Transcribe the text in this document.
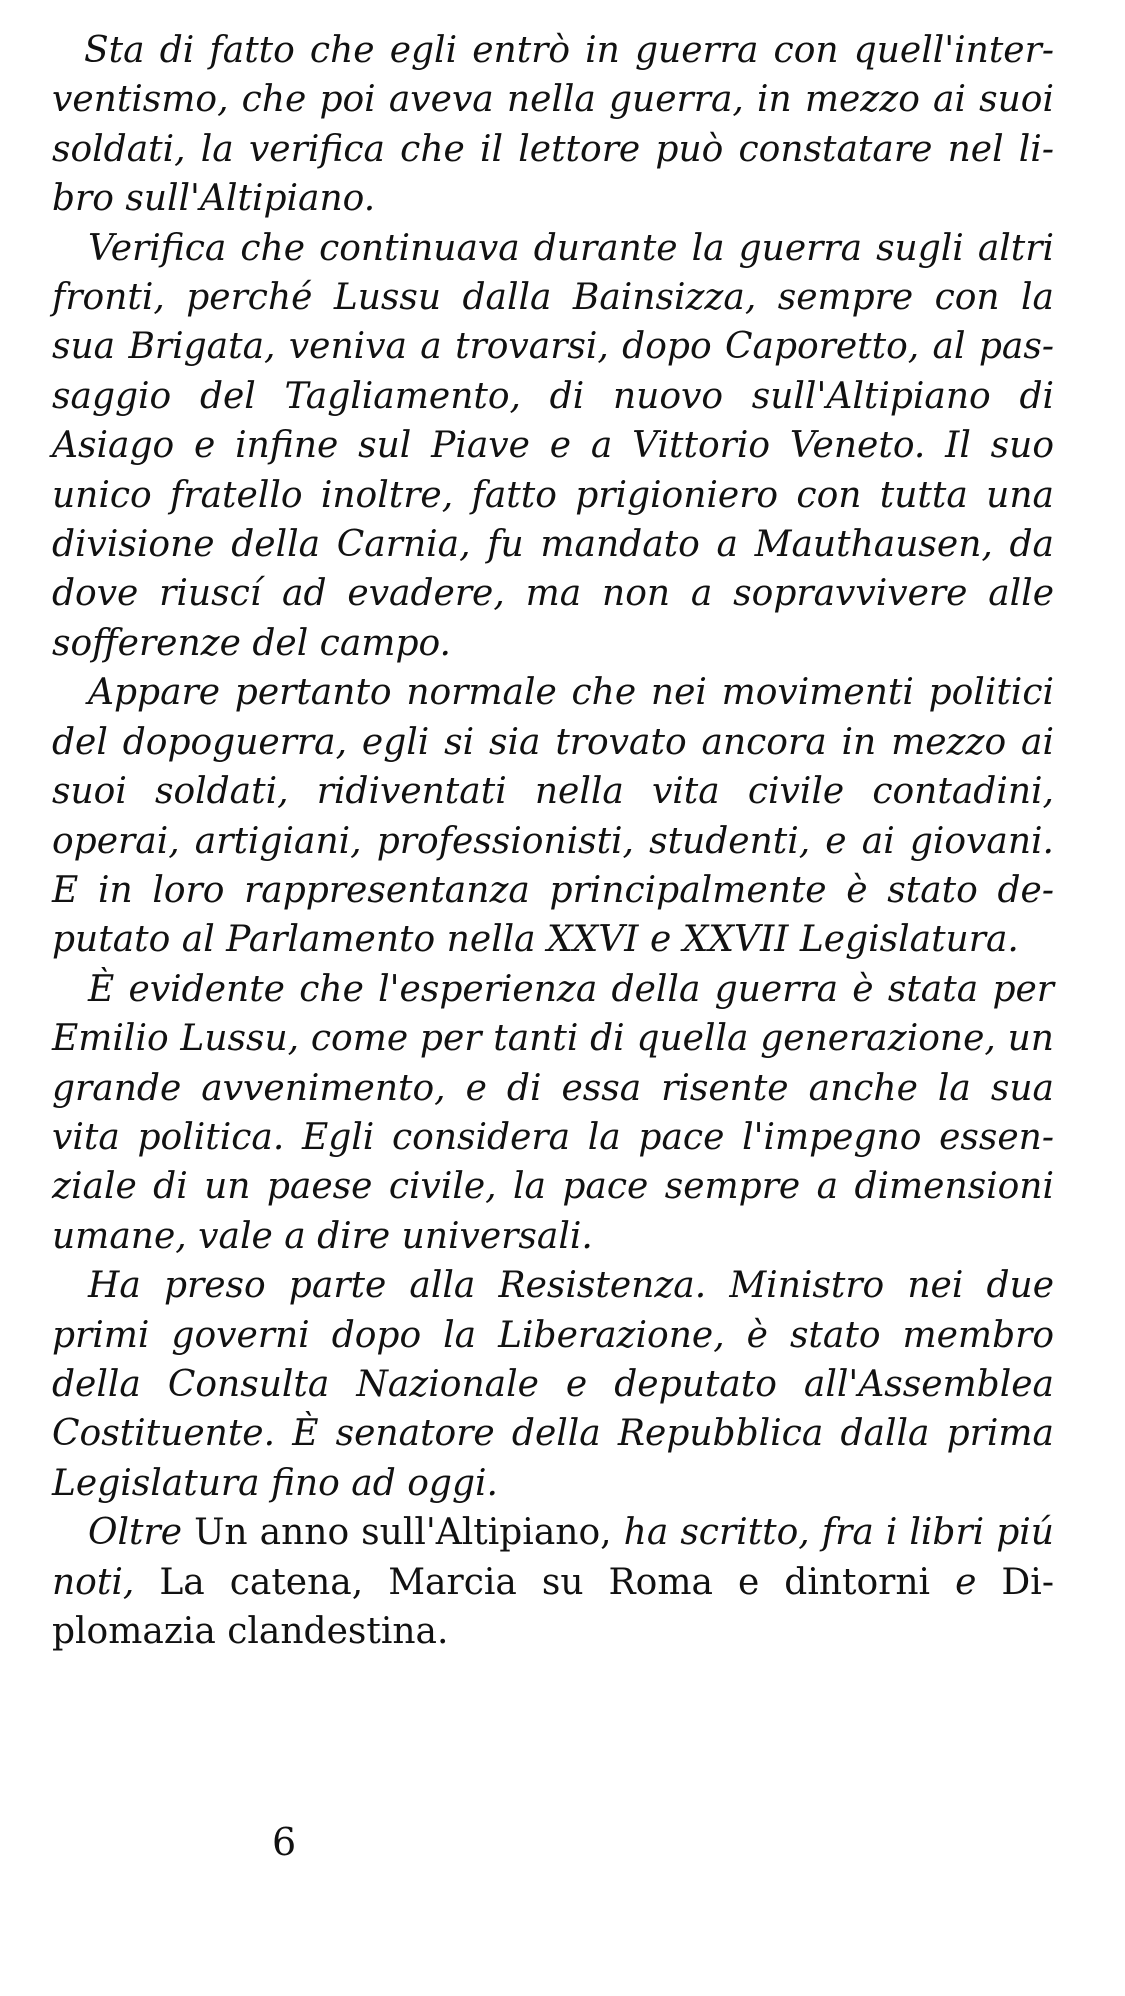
Sta di fatto che egli entrò in guerra con quell'interventismo, che poi aveva nella guerra, in mezzo ai suoi soldati, la verifica che il lettore può constatare nel libro sull'Altipiano.

Verifica che continuava durante la guerra sugli altri fronti, perché Lussu dalla Bainsizza, sempre con la sua Brigata, veniva a trovarsi, dopo Caporetto, al passaggio del Tagliamento, di nuovo sull'Altipiano di Asiago e infine sul Piave e a Vittorio Veneto. Il suo unico fratello inoltre, fatto prigioniero con tutta una divisione della Carnia, fu mandato a Mauthausen, da dove riuscí ad evadere, ma non a sopravvivere alle sofferenze del campo.

Appare pertanto normale che nei movimenti politici del dopoguerra, egli si sia trovato ancora in mezzo ai suoi soldati, ridiventati nella vita civile contadini, operai, artigiani, professionisti, studenti, e ai giovani. E in loro rappresentanza principalmente è stato deputato al Parlamento nella XXVI e XXVII Legislatura.

È evidente che l'esperienza della guerra è stata per Emilio Lussu, come per tanti di quella generazione, un grande avvenimento, e di essa risente anche la sua vita politica. Egli considera la pace l'impegno essenziale di un paese civile, la pace sempre a dimensioni umane, vale a dire universali.

Ha preso parte alla Resistenza. Ministro nei due primi governi dopo la Liberazione, è stato membro della Consulta Nazionale e deputato all'Assemblea Costituente. È senatore della Repubblica dalla prima Legislatura fino ad oggi.

Oltre Un anno sull'Altipiano, ha scritto, fra i libri piú noti, La catena, Marcia su Roma e dintorni e Diplomazia clandestina.

6
